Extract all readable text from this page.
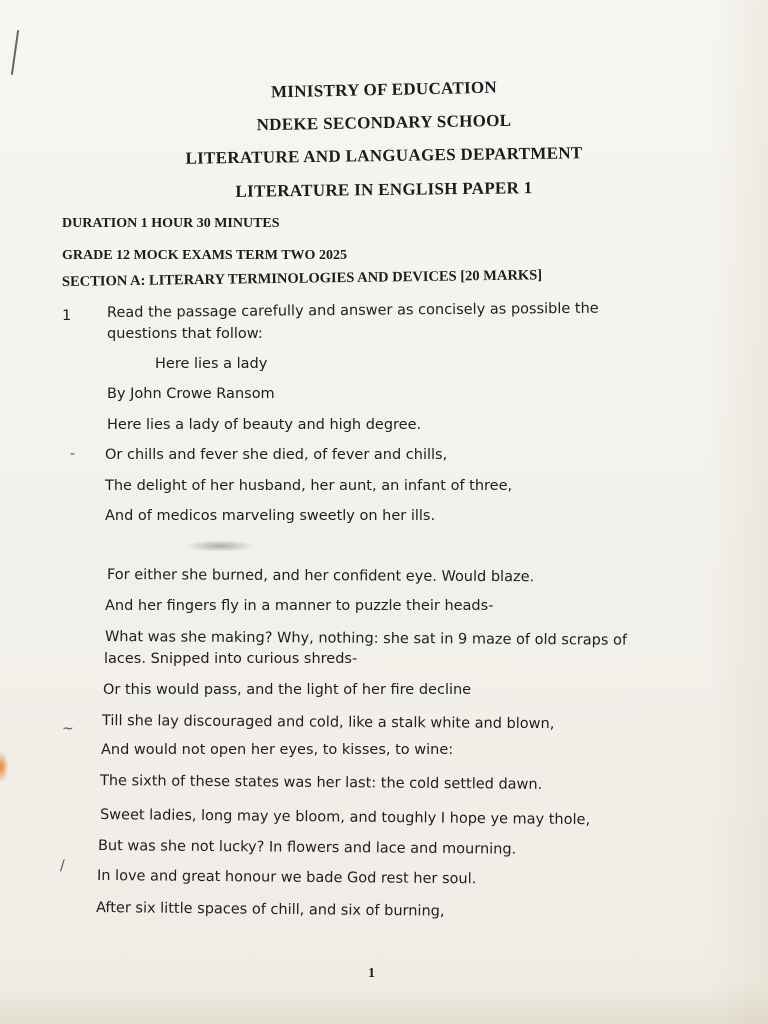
MINISTRY OF EDUCATION
NDEKE SECONDARY SCHOOL
LITERATURE AND LANGUAGES DEPARTMENT
LITERATURE IN ENGLISH PAPER 1
DURATION 1 HOUR 30 MINUTES
GRADE 12 MOCK EXAMS TERM TWO 2025
SECTION A: LITERARY TERMINOLOGIES AND DEVICES [20 MARKS]
1 Read the passage carefully and answer as concisely as possible the
questions that follow:
Here lies a lady
By John Crowe Ransom
Here lies a lady of beauty and high degree.
- Or chills and fever she died, of fever and chills,
The delight of her husband, her aunt, an infant of three,
And of medicos marveling sweetly on her ills.
For either she burned, and her confident eye. Would blaze.
And her fingers fly in a manner to puzzle their heads-
What was she making? Why, nothing: she sat in 9 maze of old scraps of
laces. Snipped into curious shreds-
Or this would pass, and the light of her fire decline
~ Till she lay discouraged and cold, like a stalk white and blown,
And would not open her eyes, to kisses, to wine:
The sixth of these states was her last: the cold settled dawn.
Sweet ladies, long may ye bloom, and toughly I hope ye may thole,
But was she not lucky? In flowers and lace and mourning.
/
In love and great honour we bade God rest her soul.
After six little spaces of chill, and six of burning,
1
